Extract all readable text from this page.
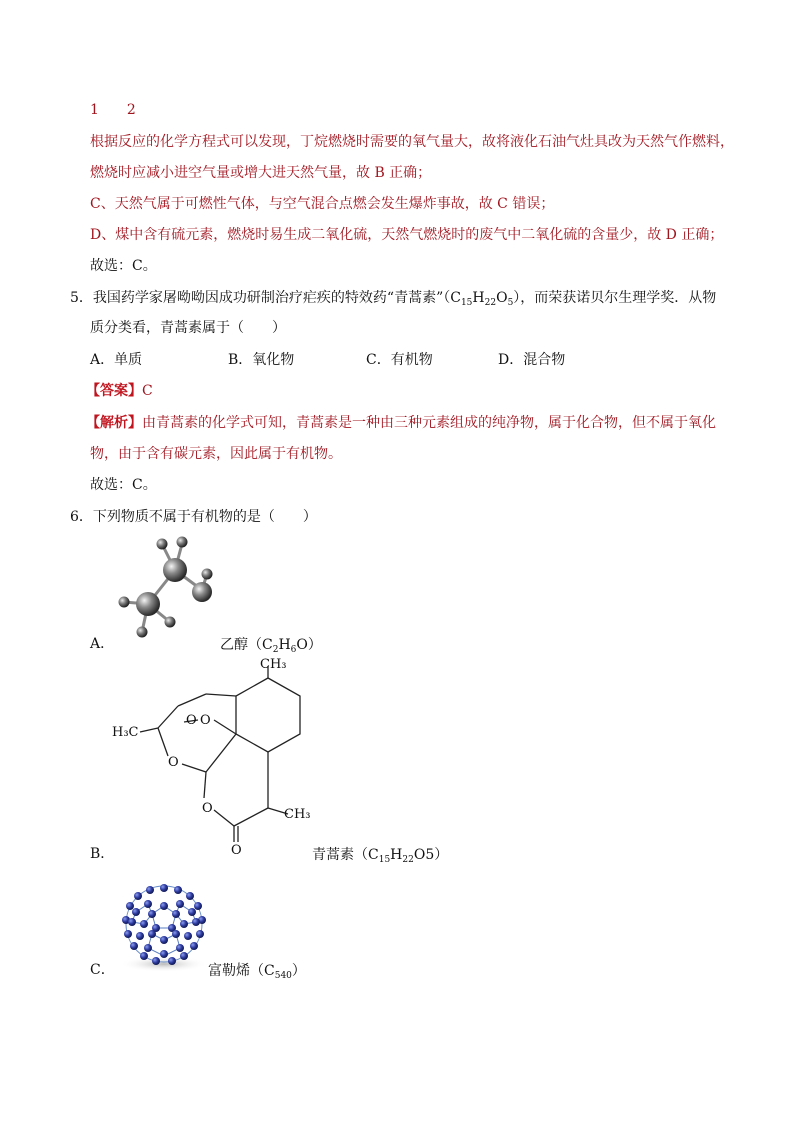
1 2
根据反应的化学方程式可以发现，丁烷燃烧时需要的氧气量大，故将液化石油气灶具改为天然气作燃料，
燃烧时应减小进空气量或增大进天然气量，故 B 正确；
C、天然气属于可燃性气体，与空气混合点燃会发生爆炸事故，故 C 错误；
D、煤中含有硫元素，燃烧时易生成二氧化硫，天然气燃烧时的废气中二氧化硫的含量少，故 D 正确；
故选：C。
5．我国药学家屠呦呦因成功研制治疗疟疾的特效药“青蒿素$”(C_{15}H_{22}O_5)$，而荣获诺贝尔生理学奖．从物
质分类看，青蒿素属于（　　）
A．单质	B．氧化物	C．有机物	D．混合物
【答案】C
【解析】由青蒿素的化学式可知，青蒿素是一种由三种元素组成的纯净物，属于化合物，但不属于氧化
物，由于含有碳元素，因此属于有机物。
故选：C。
6．下列物质不属于有机物的是（　　）
A．	乙醇$(C_2H_6O)$
CH₃
H₃C
O
O
O
O	CH₃
O
B．	青蒿素$(C_{15}H_{22}O5)$
C．	富勒烯$(C_{540})$
